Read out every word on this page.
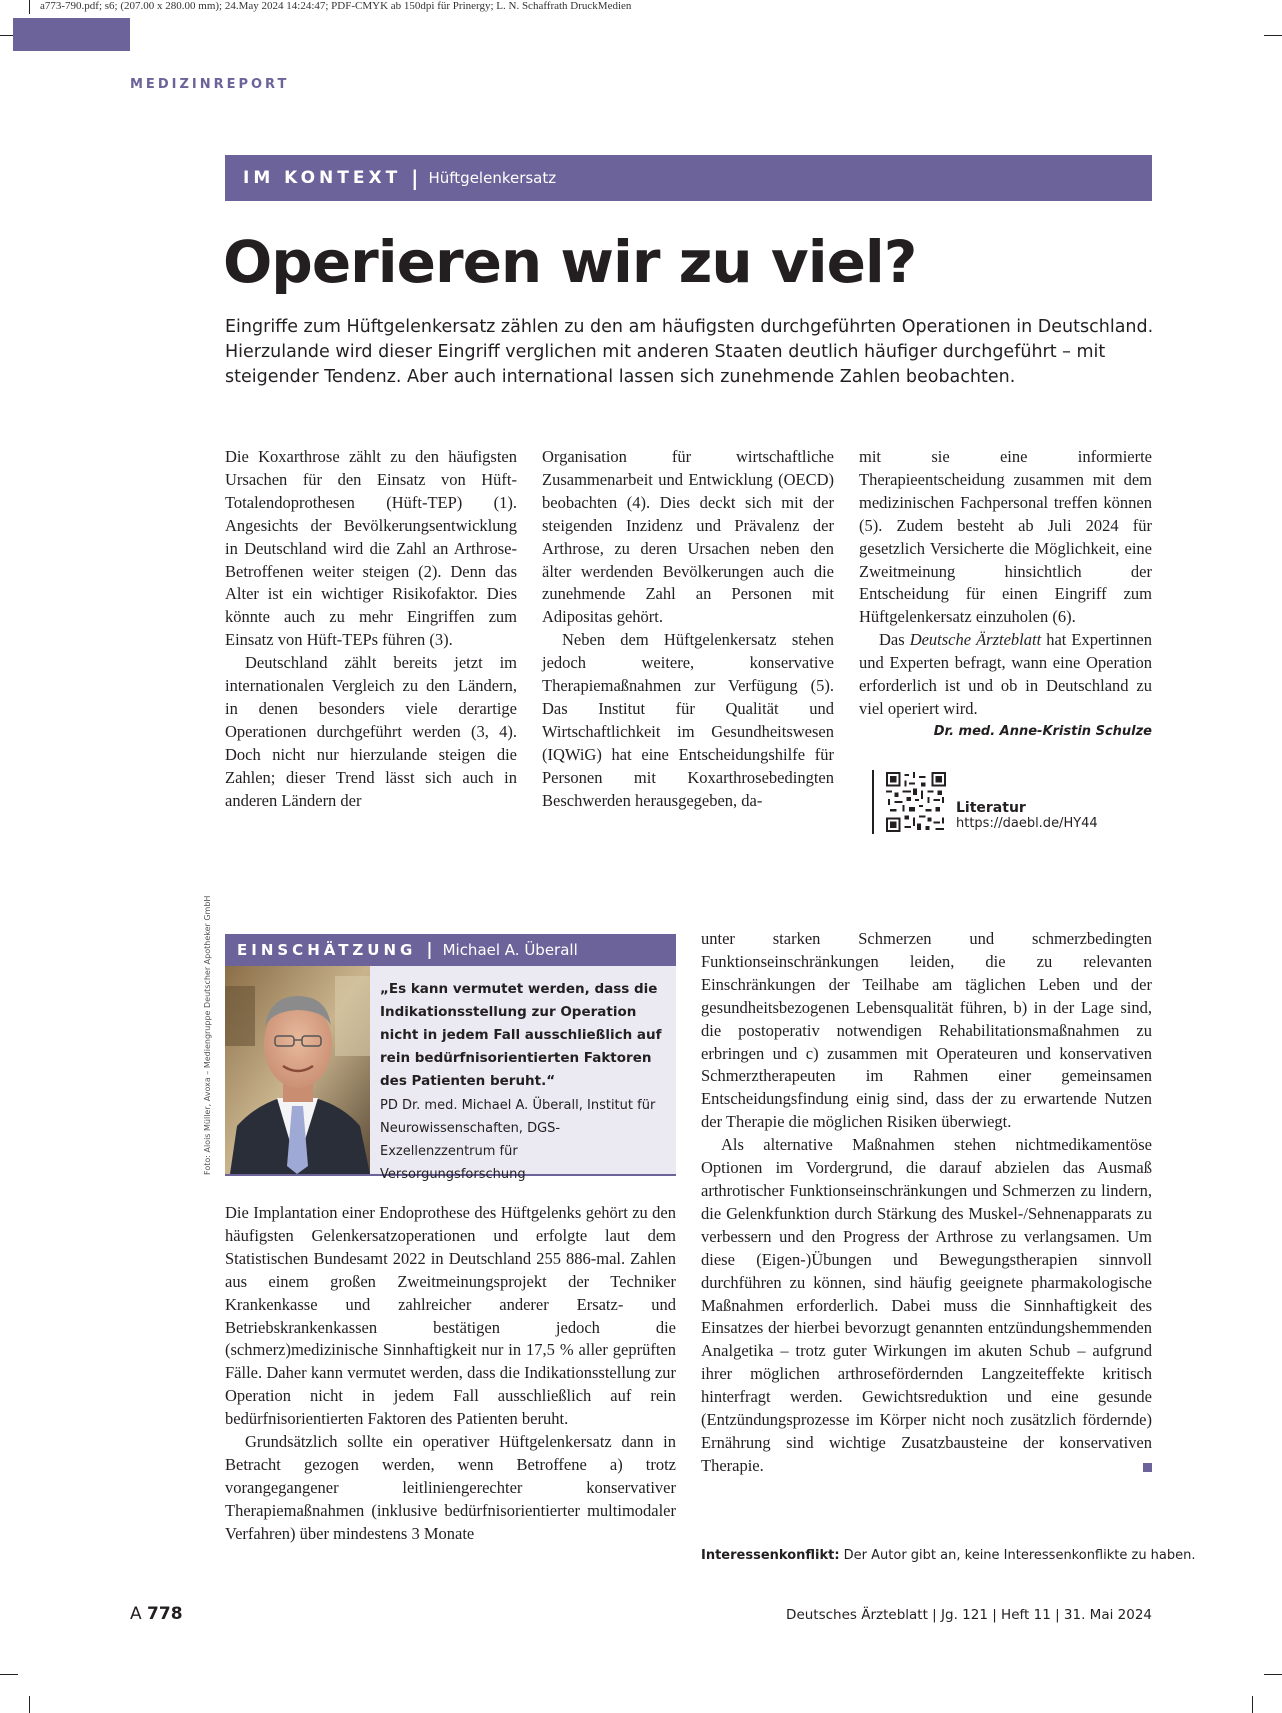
a773-790.pdf; s6; (207.00 x 280.00 mm); 24.May 2024 14:24:47; PDF-CMYK ab 150dpi für Prinergy; L. N. Schaffrath DruckMedien
MEDIZINREPORT
IM KONTEXT | Hüftgelenkersatz
Operieren wir zu viel?

Eingriffe zum Hüftgelenkersatz zählen zu den am häufigsten durchgeführten Operationen in Deutschland. Hierzulande wird dieser Eingriff verglichen mit anderen Staaten deutlich häufiger durchgeführt – mit steigender Tendenz. Aber auch international lassen sich zunehmende Zahlen beobachten.

Die Koxarthrose zählt zu den häufigsten Ursachen für den Einsatz von Hüft-Totalendoprothesen (Hüft-TEP) (1). Angesichts der Bevölkerungsentwicklung in Deutschland wird die Zahl an Arthrose-Betroffenen weiter steigen (2). Denn das Alter ist ein wichtiger Risikofaktor. Dies könnte auch zu mehr Eingriffen zum Einsatz von Hüft-TEPs führen (3).

Deutschland zählt bereits jetzt im internationalen Vergleich zu den Ländern, in denen besonders viele derartige Operationen durchgeführt werden (3, 4). Doch nicht nur hierzulande steigen die Zahlen; dieser Trend lässt sich auch in anderen Ländern der

Organisation für wirtschaftliche Zusammenarbeit und Entwicklung (OECD) beobachten (4). Dies deckt sich mit der steigenden Inzidenz und Prävalenz der Arthrose, zu deren Ursachen neben den älter werdenden Bevölkerungen auch die zunehmende Zahl an Personen mit Adipositas gehört.

Neben dem Hüftgelenkersatz stehen jedoch weitere, konservative Therapiemaßnahmen zur Verfügung (5). Das Institut für Qualität und Wirtschaftlichkeit im Gesundheitswesen (IQWiG) hat eine Entscheidungshilfe für Personen mit Koxarthrosebedingten Beschwerden herausgegeben, da-

mit sie eine informierte Therapieentscheidung zusammen mit dem medizinischen Fachpersonal treffen können (5). Zudem besteht ab Juli 2024 für gesetzlich Versicherte die Möglichkeit, eine Zweitmeinung hinsichtlich der Entscheidung für einen Eingriff zum Hüftgelenkersatz einzuholen (6).

Das Deutsche Ärzteblatt hat Expertinnen und Experten befragt, wann eine Operation erforderlich ist und ob in Deutschland zu viel operiert wird.
Dr. med. Anne-Kristin Schulze

Literatur
https://daebl.de/HY44
Foto: Alois Müller, Avoxa – Mediengruppe Deutscher Apotheker GmbH EINSCHÄTZUNG | Michael A. Überall

„Es kann vermutet werden, dass die Indikationsstellung zur Operation nicht in jedem Fall ausschließlich auf rein bedürfnisorientierten Faktoren des Patienten beruht.“

PD Dr. med. Michael A. Überall, Institut für Neurowissenschaften, DGS-Exzellenzzentrum für Versorgungsforschung

Die Implantation einer Endoprothese des Hüftgelenks gehört zu den häufigsten Gelenkersatzoperationen und erfolgte laut dem Statistischen Bundesamt 2022 in Deutschland 255 886-mal. Zahlen aus einem großen Zweitmeinungsprojekt der Techniker Krankenkasse und zahlreicher anderer Ersatz- und Betriebskrankenkassen bestätigen jedoch die (schmerz)medizinische Sinnhaftigkeit nur in 17,5 % aller geprüften Fälle. Daher kann vermutet werden, dass die Indikationsstellung zur Operation nicht in jedem Fall ausschließlich auf rein bedürfnisorientierten Faktoren des Patienten beruht.

Grundsätzlich sollte ein operativer Hüftgelenkersatz dann in Betracht gezogen werden, wenn Betroffene a) trotz vorangegangener leitliniengerechter konservativer Therapiemaßnahmen (inklusive bedürfnisorientierter multimodaler Verfahren) über mindestens 3 Monate

unter starken Schmerzen und schmerzbedingten Funktionseinschränkungen leiden, die zu relevanten Einschränkungen der Teilhabe am täglichen Leben und der gesundheitsbezogenen Lebensqualität führen, b) in der Lage sind, die postoperativ notwendigen Rehabilitationsmaßnahmen zu erbringen und c) zusammen mit Operateuren und konservativen Schmerztherapeuten im Rahmen einer gemeinsamen Entscheidungsfindung einig sind, dass der zu erwartende Nutzen der Therapie die möglichen Risiken überwiegt.

Als alternative Maßnahmen stehen nichtmedikamentöse Optionen im Vordergrund, die darauf abzielen das Ausmaß arthrotischer Funktionseinschränkungen und Schmerzen zu lindern, die Gelenkfunktion durch Stärkung des Muskel-/Sehnenapparats zu verbessern und den Progress der Arthrose zu verlangsamen. Um diese (Eigen-)Übungen und Bewegungstherapien sinnvoll durchführen zu können, sind häufig geeignete pharmakologische Maßnahmen erforderlich. Dabei muss die Sinnhaftigkeit des Einsatzes der hierbei bevorzugt genannten entzündungshemmenden Analgetika – trotz guter Wirkungen im akuten Schub – aufgrund ihrer möglichen arthrosefördernden Langzeiteffekte kritisch hinterfragt werden. Gewichtsreduktion und eine gesunde (Entzündungsprozesse im Körper nicht noch zusätzlich fördernde) Ernährung sind wichtige Zusatzbausteine der konservativen Therapie.

Interessenkonflikt: Der Autor gibt an, keine Interessenkonflikte zu haben.
A 778	Deutsches Ärzteblatt | Jg. 121 | Heft 11 | 31. Mai 2024
